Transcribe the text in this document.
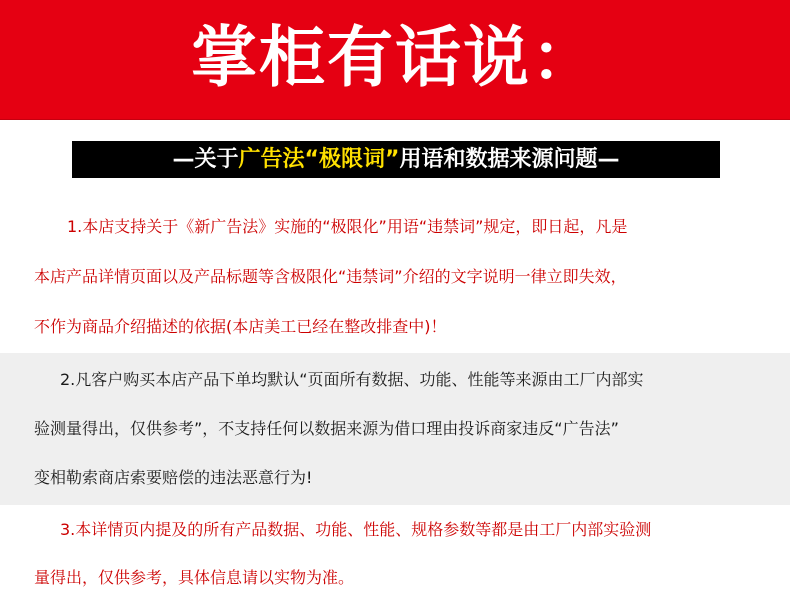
掌柜有话说：
—关于广告法“极限词”用语和数据来源问题—
1.本店支持关于《新广告法》实施的“极限化”用语“违禁词”规定，即日起，凡是
本店产品详情页面以及产品标题等含极限化“违禁词”介绍的文字说明一律立即失效，
不作为商品介绍描述的依据(本店美工已经在整改排查中)！
2.凡客户购买本店产品下单均默认“页面所有数据、功能、性能等来源由工厂内部实
验测量得出，仅供参考”，不支持任何以数据来源为借口理由投诉商家违反“广告法”
变相勒索商店索要赔偿的违法恶意行为!
3.本详情页内提及的所有产品数据、功能、性能、规格参数等都是由工厂内部实验测
量得出，仅供参考，具体信息请以实物为准。
